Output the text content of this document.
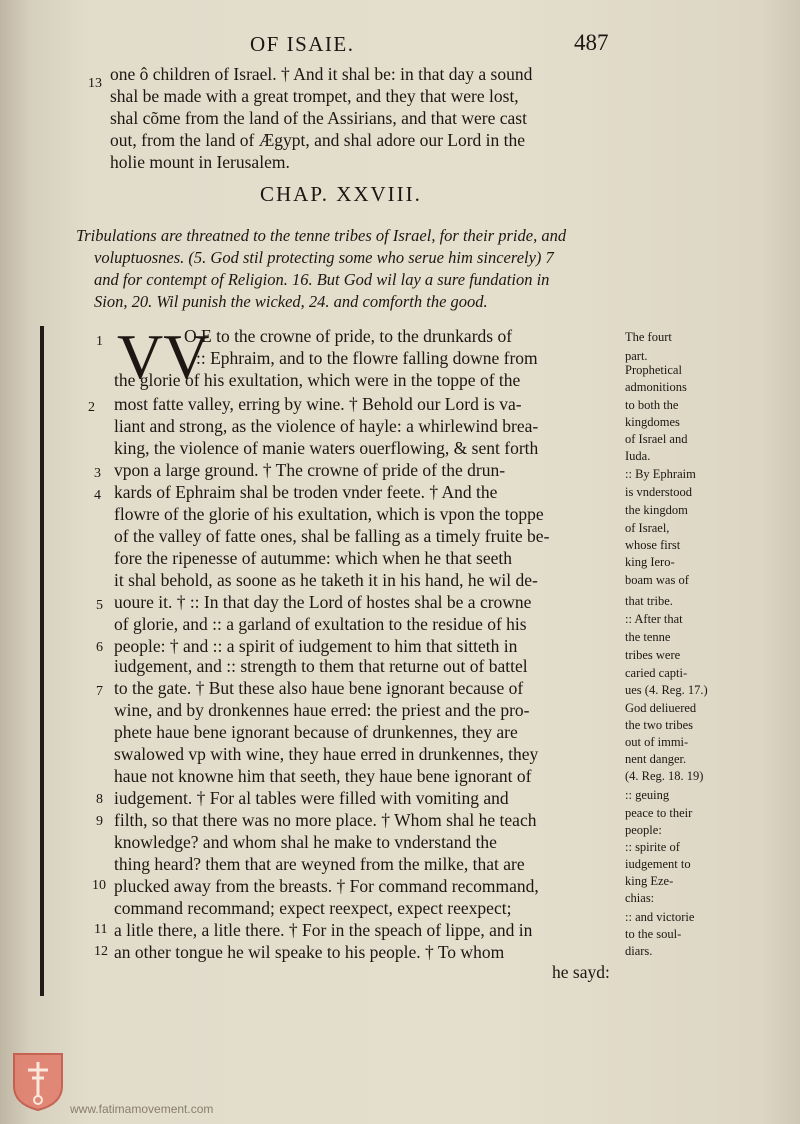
OF ISAIE.	487
13 one ô children of Israel. † And it shal be: in that day a sound
shal be made with a great trompet, and they that were lost,
shal cõme from the land of the Assirians, and that were cast
out, from the land of Ægypt, and shal adore our Lord in the
holie mount in Ierusalem.
CHAP. XXVIII.
Tribulations are threatned to the tenne tribes of Israel, for their pride, and
voluptuosnes. (5. God stil protecting some who serue him sincerely) 7
and for contempt of Religion. 16. But God wil lay a sure fundation in
Sion, 20. Wil punish the wicked, 24. and comforth the good.
VV
1
2
3
4
5
6
7
8
9
10
11
12
O E to the crowne of pride, to the drunkards of
:: Ephraim, and to the flowre falling downe from
the glorie of his exultation, which were in the toppe of the
most fatte valley, erring by wine. † Behold our Lord is va-
liant and strong, as the violence of hayle: a whirlewind brea-
king, the violence of manie waters ouerflowing, & sent forth
vpon a large ground. † The crowne of pride of the drun-
kards of Ephraim shal be troden vnder feete. † And the
flowre of the glorie of his exultation, which is vpon the toppe
of the valley of fatte ones, shal be falling as a timely fruite be-
fore the ripenesse of autumme: which when he that seeth
it shal behold, as soone as he taketh it in his hand, he wil de-
uoure it. † :: In that day the Lord of hostes shal be a crowne
of glorie, and :: a garland of exultation to the residue of his
people: † and :: a spirit of iudgement to him that sitteth in
iudgement, and :: strength to them that returne out of battel
to the gate. † But these also haue bene ignorant because of
wine, and by dronkennes haue erred: the priest and the pro-
phete haue bene ignorant because of drunkennes, they are
swalowed vp with wine, they haue erred in drunkennes, they
haue not knowne him that seeth, they haue bene ignorant of
iudgement. † For al tables were filled with vomiting and
filth, so that there was no more place. † Whom shal he teach
knowledge? and whom shal he make to vnderstand the
thing heard? them that are weyned from the milke, that are
plucked away from the breasts. † For command recommand,
command recommand; expect reexpect, expect reexpect;
a litle there, a litle there. † For in the speach of lippe, and in
an other tongue he wil speake to his people. † To whom
he sayd:
The fourt
part.
Prophetical
admonitions
to both the
kingdomes
of Israel and
Iuda.
:: By Ephraim
is vnderstood
the kingdom
of Israel,
whose first
king Iero-
boam was of
that tribe.
:: After that
the tenne
tribes were
caried capti-
ues (4. Reg. 17.)
God deliuered
the two tribes
out of immi-
nent danger.
(4. Reg. 18. 19)
:: geuing
peace to their
people:
:: spirite of
iudgement to
king Eze-
chias:
:: and victorie
to the soul-
diars.
www.fatimamovement.com
